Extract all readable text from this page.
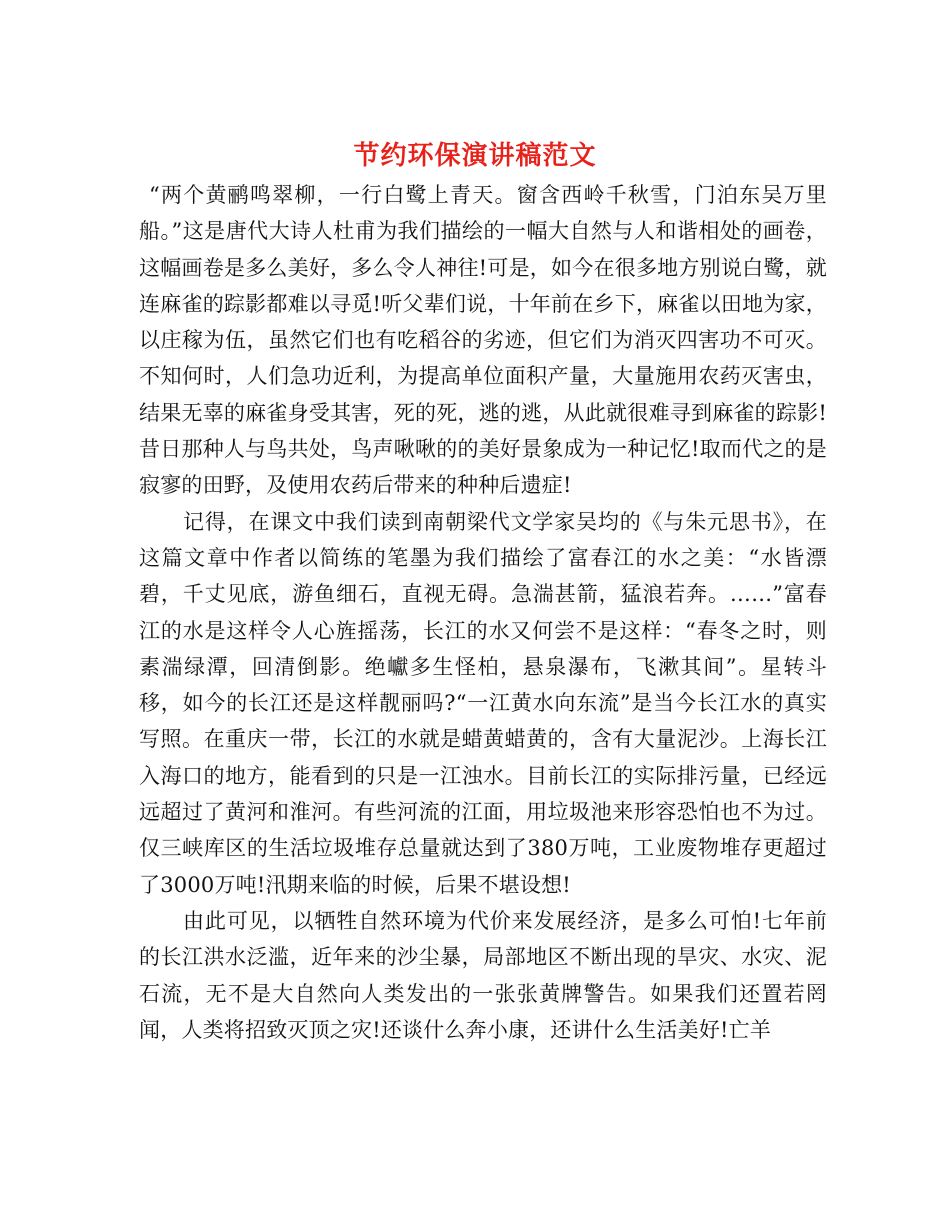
节约环保演讲稿范文

“两个黄鹂鸣翠柳，一行白鹭上青天。窗含西岭千秋雪，门泊东吴万里船。”这是唐代大诗人杜甫为我们描绘的一幅大自然与人和谐相处的画卷，这幅画卷是多么美好，多么令人神往!可是，如今在很多地方别说白鹭，就连麻雀的踪影都难以寻觅!听父辈们说，十年前在乡下，麻雀以田地为家，以庄稼为伍，虽然它们也有吃稻谷的劣迹，但它们为消灭四害功不可灭。不知何时，人们急功近利，为提高单位面积产量，大量施用农药灭害虫，结果无辜的麻雀身受其害，死的死，逃的逃，从此就很难寻到麻雀的踪影!昔日那种人与鸟共处，鸟声啾啾的的美好景象成为一种记忆!取而代之的是寂寥的田野，及使用农药后带来的种种后遗症!

记得，在课文中我们读到南朝梁代文学家吴均的《与朱元思书》，在这篇文章中作者以简练的笔墨为我们描绘了富春江的水之美：“水皆漂碧，千丈见底，游鱼细石，直视无碍。急湍甚箭，猛浪若奔。……”富春江的水是这样令人心旌摇荡，长江的水又何尝不是这样：“春冬之时，则素湍绿潭，回清倒影。绝巘多生怪柏，悬泉瀑布，飞漱其间”。星转斗移，如今的长江还是这样靓丽吗?“一江黄水向东流”是当今长江水的真实写照。在重庆一带，长江的水就是蜡黄蜡黄的，含有大量泥沙。上海长江入海口的地方，能看到的只是一江浊水。目前长江的实际排污量，已经远远超过了黄河和淮河。有些河流的江面，用垃圾池来形容恐怕也不为过。仅三峡库区的生活垃圾堆存总量就达到了380万吨，工业废物堆存更超过了3000万吨!汛期来临的时候，后果不堪设想!

由此可见，以牺牲自然环境为代价来发展经济，是多么可怕!七年前的长江洪水泛滥，近年来的沙尘暴，局部地区不断出现的旱灾、水灾、泥石流，无不是大自然向人类发出的一张张黄牌警告。如果我们还置若罔闻，人类将招致灭顶之灾!还谈什么奔小康，还讲什么生活美好!亡羊
